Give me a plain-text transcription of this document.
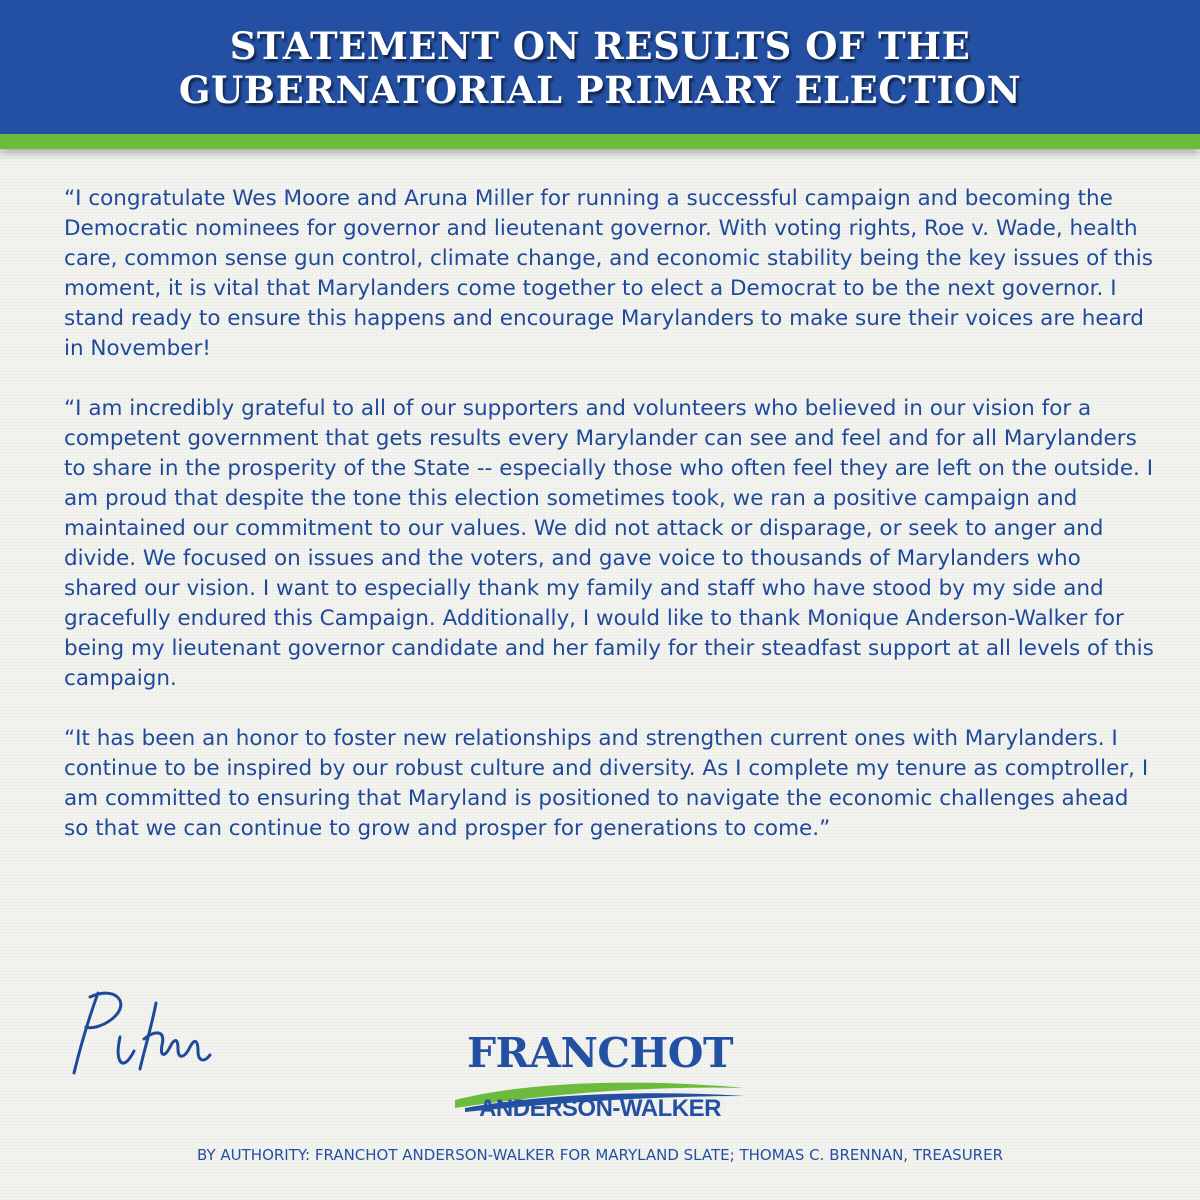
STATEMENT ON RESULTS OF THE
GUBERNATORIAL PRIMARY ELECTION

“I congratulate Wes Moore and Aruna Miller for running a successful campaign and becoming the Democratic nominees for governor and lieutenant governor. With voting rights, Roe v. Wade, health care, common sense gun control, climate change, and economic stability being the key issues of this moment, it is vital that Marylanders come together to elect a Democrat to be the next governor. I stand ready to ensure this happens and encourage Marylanders to make sure their voices are heard in November!

“I am incredibly grateful to all of our supporters and volunteers who believed in our vision for a competent government that gets results every Marylander can see and feel and for all Marylanders to share in the prosperity of the State -- especially those who often feel they are left on the outside. I am proud that despite the tone this election sometimes took, we ran a positive campaign and maintained our commitment to our values. We did not attack or disparage, or seek to anger and divide. We focused on issues and the voters, and gave voice to thousands of Marylanders who shared our vision. I want to especially thank my family and staff who have stood by my side and gracefully endured this Campaign. Additionally, I would like to thank Monique Anderson-Walker for being my lieutenant governor candidate and her family for their steadfast support at all levels of this campaign.

“It has been an honor to foster new relationships and strengthen current ones with Marylanders. I continue to be inspired by our robust culture and diversity. As I complete my tenure as comptroller, I am committed to ensuring that Maryland is positioned to navigate the economic challenges ahead so that we can continue to grow and prosper for generations to come.”

FRANCHOT
ANDERSON-WALKER
BY AUTHORITY: FRANCHOT ANDERSON-WALKER FOR MARYLAND SLATE; THOMAS C. BRENNAN, TREASURER
